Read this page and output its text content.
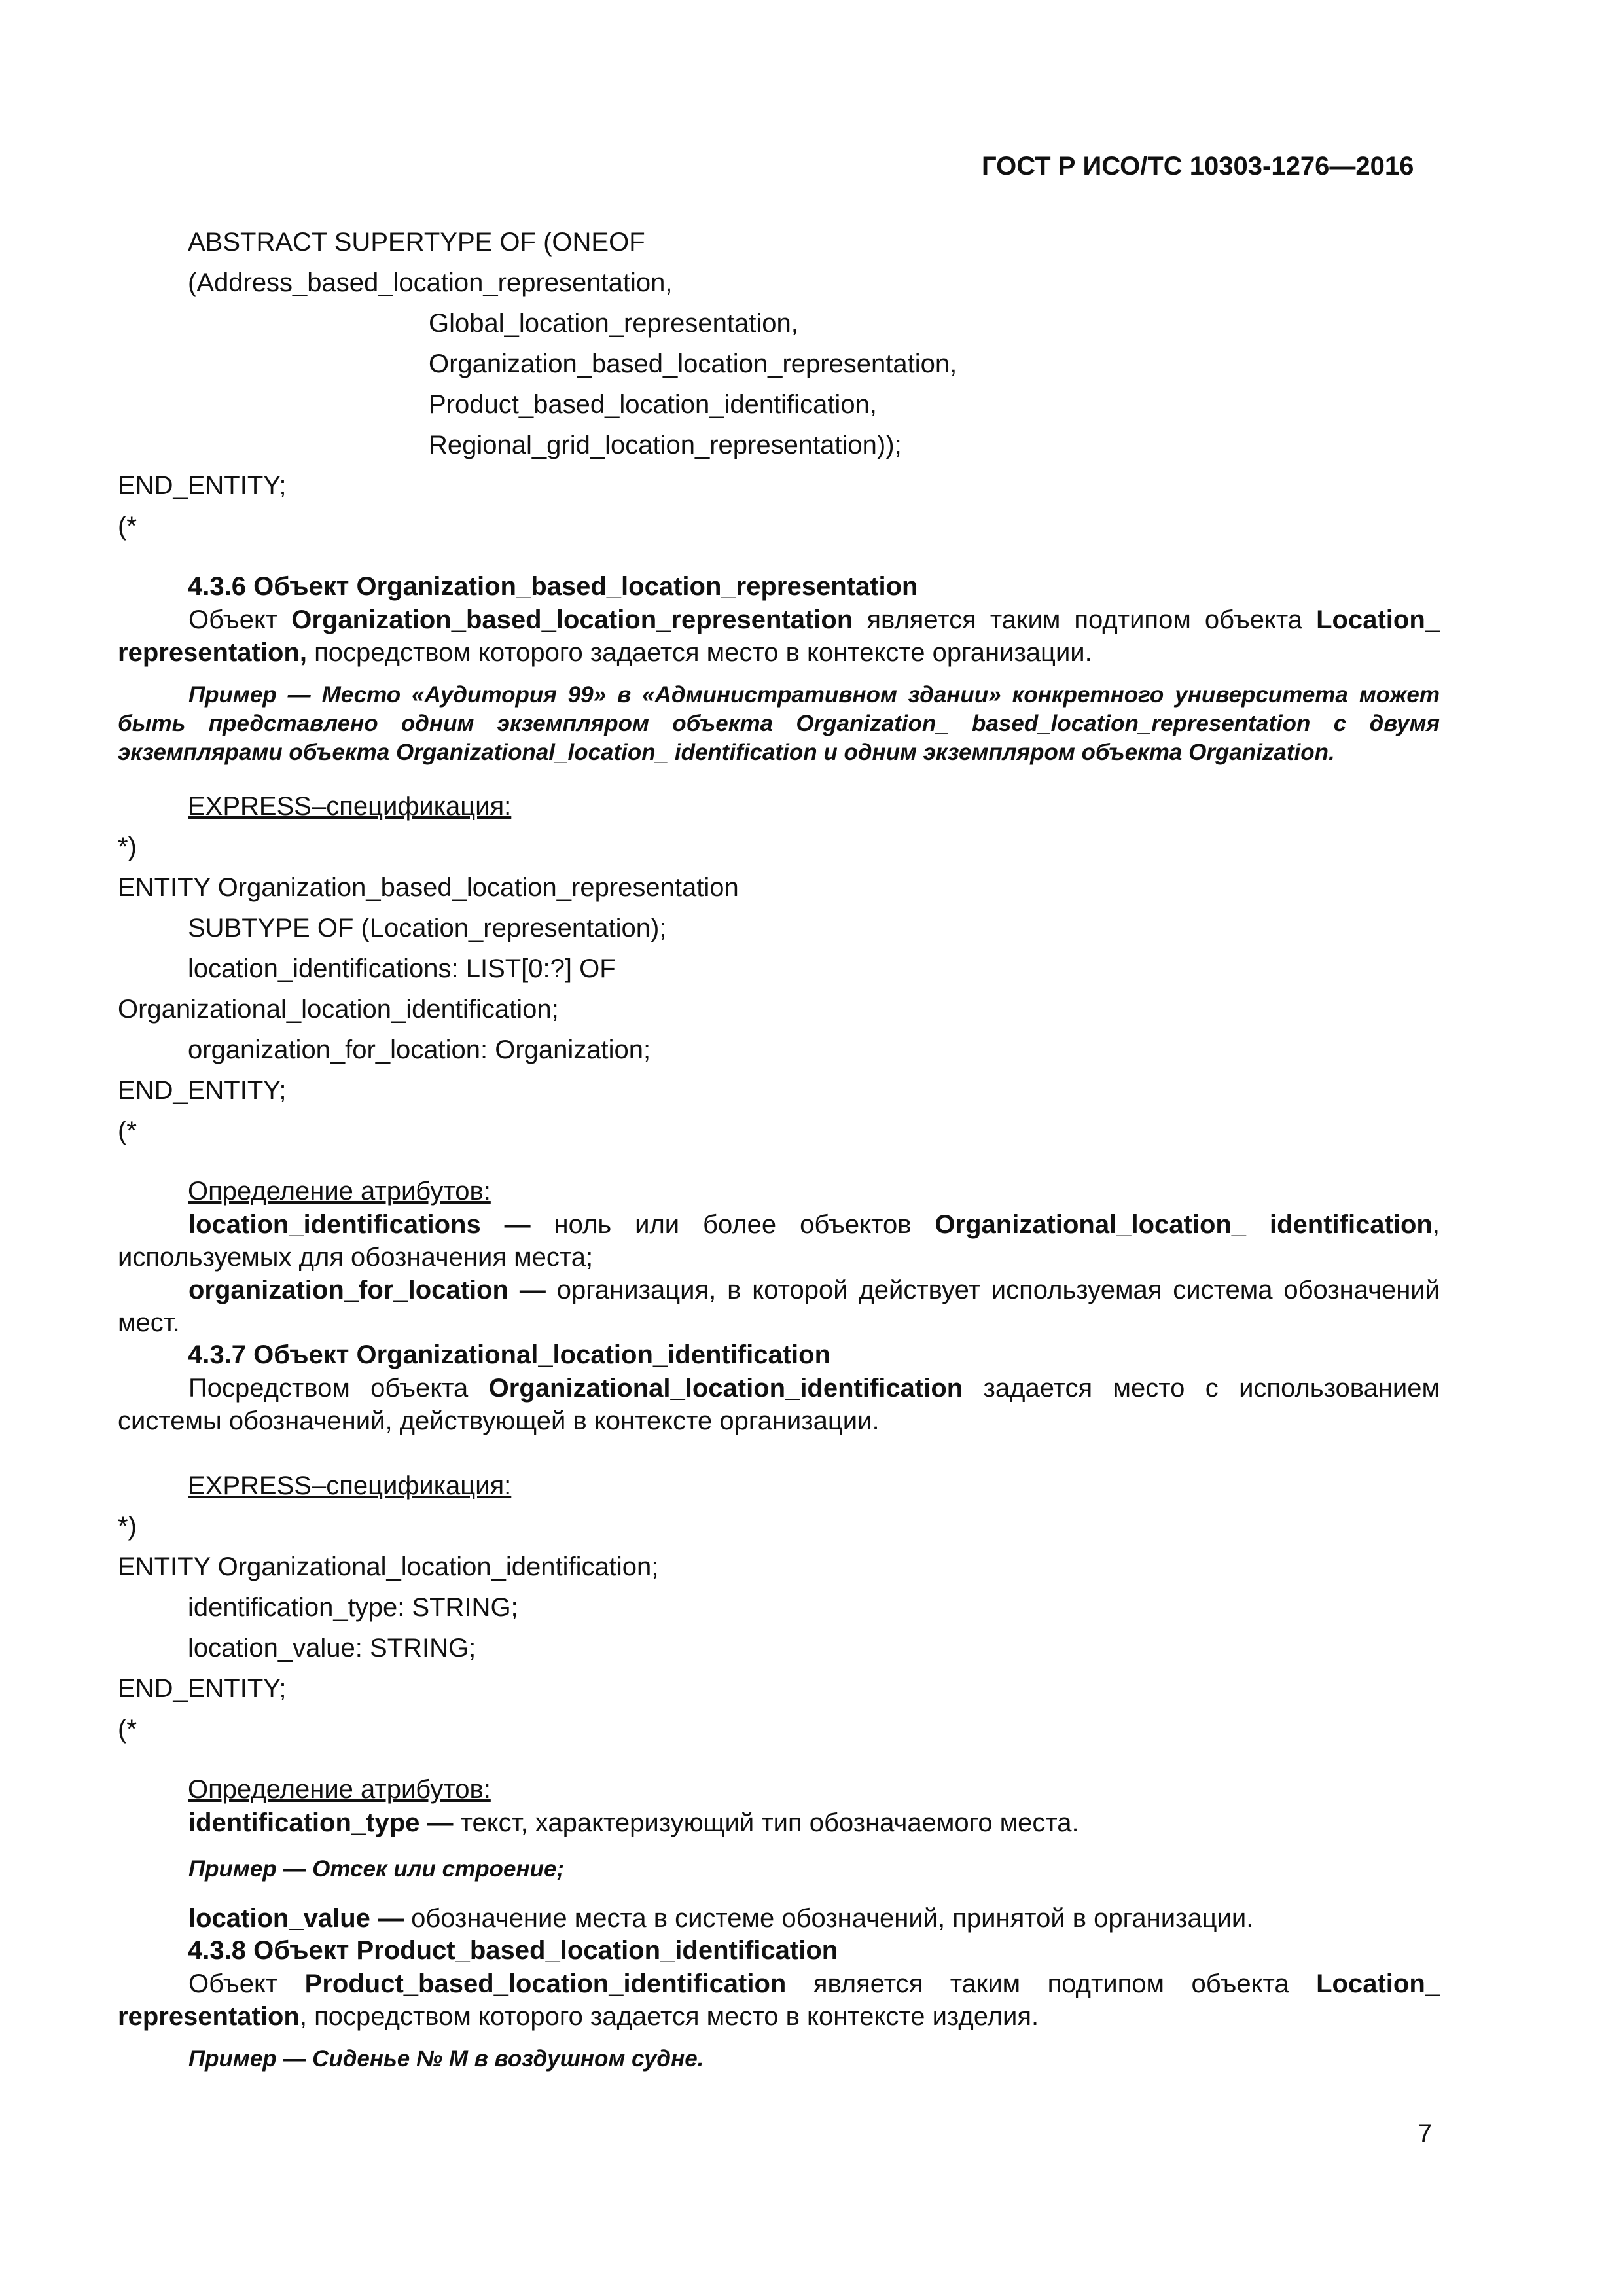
ГОСТ Р ИСО/ТС 10303-1276—2016
ABSTRACT SUPERTYPE OF (ONEOF
(Address_based_location_representation,
Global_location_representation,
Organization_based_location_representation,
Product_based_location_identification,
Regional_grid_location_representation));
END_ENTITY;
(*
4.3.6 Объект Organization_based_location_representation
Объект Organization_based_location_representation является таким подтипом объекта Location_ representation, посредством которого задается место в контексте организации.
Пример — Место «Аудитория 99» в «Административном здании» конкретного университета может быть представлено одним экземпляром объекта Organization_ based_location_representation с двумя экземплярами объекта Organizational_location_ identification и одним экземпляром объекта Organization.
EXPRESS–спецификация:
*)
ENTITY Organization_based_location_representation
SUBTYPE OF (Location_representation);
location_identifications: LIST[0:?] OF
Organizational_location_identification;
organization_for_location: Organization;
END_ENTITY;
(*
Определение атрибутов:
location_identifications — ноль или более объектов Organizational_location_ identification, используемых для обозначения места;
organization_for_location — организация, в которой действует используемая система обозначений мест.
4.3.7 Объект Organizational_location_identification
Посредством объекта Organizational_location_identification задается место с использованием системы обозначений, действующей в контексте организации.
EXPRESS–спецификация:
*)
ENTITY Organizational_location_identification;
identification_type: STRING;
location_value: STRING;
END_ENTITY;
(*
Определение атрибутов:
identification_type — текст, характеризующий тип обозначаемого места.
Пример — Отсек или строение;
location_value — обозначение места в системе обозначений, принятой в организации.
4.3.8 Объект Product_based_location_identification
Объект Product_based_location_identification является таким подтипом объекта Location_ representation, посредством которого задается место в контексте изделия.
Пример — Сиденье № М в воздушном судне.
7
